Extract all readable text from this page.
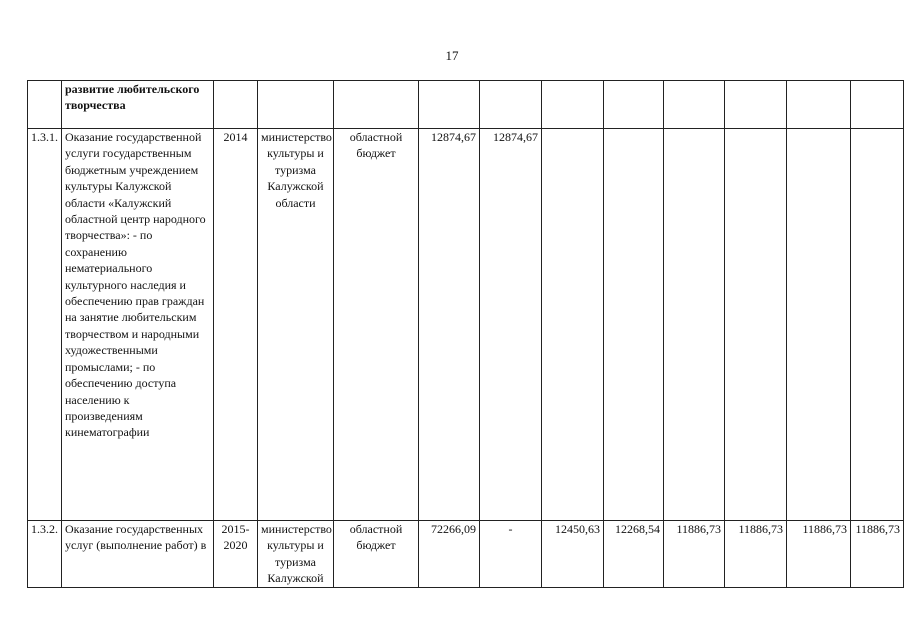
17
	развитие любительского творчества											
1.3.1.	Оказание государственной услуги государственным бюджетным учреждением культуры Калужской области «Калужский областной центр народного творчества»: - по сохранению нематериального культурного наследия и обеспечению прав граждан на занятие любительским творчеством и народными художественными промыслами; - по обеспечению доступа населению к произведениям кинематографии	2014	министерство культуры и туризма Калужской области	областной бюджет	12874,67	12874,67						
1.3.2.	Оказание государственных услуг (выполнение работ) в	2015-2020	министерство культуры и туризма Калужской	областной бюджет	72266,09	-	12450,63	12268,54	11886,73	11886,73	11886,73	11886,73
